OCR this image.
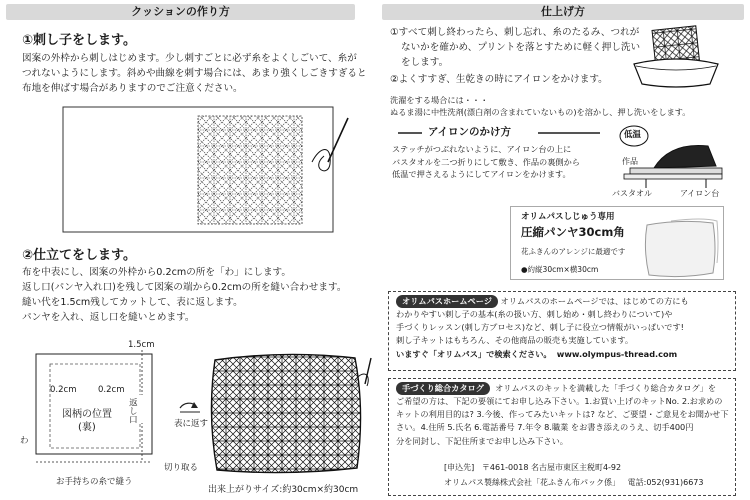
クッションの作り方
①刺し子をします。
図案の外枠から刺しはじめます。少し刺すごとに必ず糸をよくしごいて、糸が
つれないようにします。斜めや曲線を刺す場合には、あまり強くしごきすぎると
布地を伸ばす場合がありますのでご注意ください。
②仕立てをします。
布を中表にし、図案の外枠から0.2cmの所を「わ」にします。
返し口(パンヤ入れ口)を残して図案の端から0.2cmの所を縫い合わせます。
縫い代を1.5cm残してカットして、表に返します。
パンヤを入れ、返し口を縫いとめます。
1.5cm
0.2cm	0.2cm
図柄の位置
(裏)
返し口
わ
切り取る
お手持ちの糸で縫う
表に返す
出来上がりサイズ:約30cm×約30cm
仕上げ方
①すべて刺し終わったら、刺し忘れ、糸のたるみ、つれが
ないかを確かめ、プリントを落とすために軽く押し洗い
をします。
②よくすすぎ、生乾きの時にアイロンをかけます。
洗濯をする場合には・・・
ぬるま湯に中性洗剤(漂白剤の含まれていないもの)を溶かし、押し洗いをします。
アイロンのかけ方
ステッチがつぶれないように、アイロン台の上に
バスタオルを二つ折りにして敷き、作品の裏側から
低温で押さえるようにしてアイロンをかけます。
低温
作品
バスタオル	アイロン台
オリムパスしじゅう専用
圧縮パンヤ30cm角
花ふきんのアレンジに最適です
●約縦30cm×横30cm
オリムパスホームページ オリムパスのホームページでは、はじめての方にも
わかりやすい刺し子の基本(糸の扱い方、刺し始め・刺し終わりについて)や
手づくりレッスン(刺し方プロセス)など、刺し子に役立つ情報がいっぱいです!
刺し子キットはもちろん、その他商品の販売も実施しています。
いますぐ「オリムパス」で検索ください。 www.olympus-thread.com
手づくり総合カタログ オリムパスのキットを満載した「手づくり総合カタログ」を
ご希望の方は、下記の要領にてお申し込み下さい。1.お買い上げのキットNo. 2.お求めの
キットの利用目的は? 3.今後、作ってみたいキットは? など、ご要望・ご意見をお聞かせ下
さい。4.住所 5.氏名 6.電話番号 7.年令 8.職業 をお書き添えのうえ、切手400円
分を同封し、下記住所までお申し込み下さい。
[申込先] 〒461-0018 名古屋市東区主税町4-92
オリムパス製絲株式会社「花ふきん布パック係」 電話:052(931)6673
